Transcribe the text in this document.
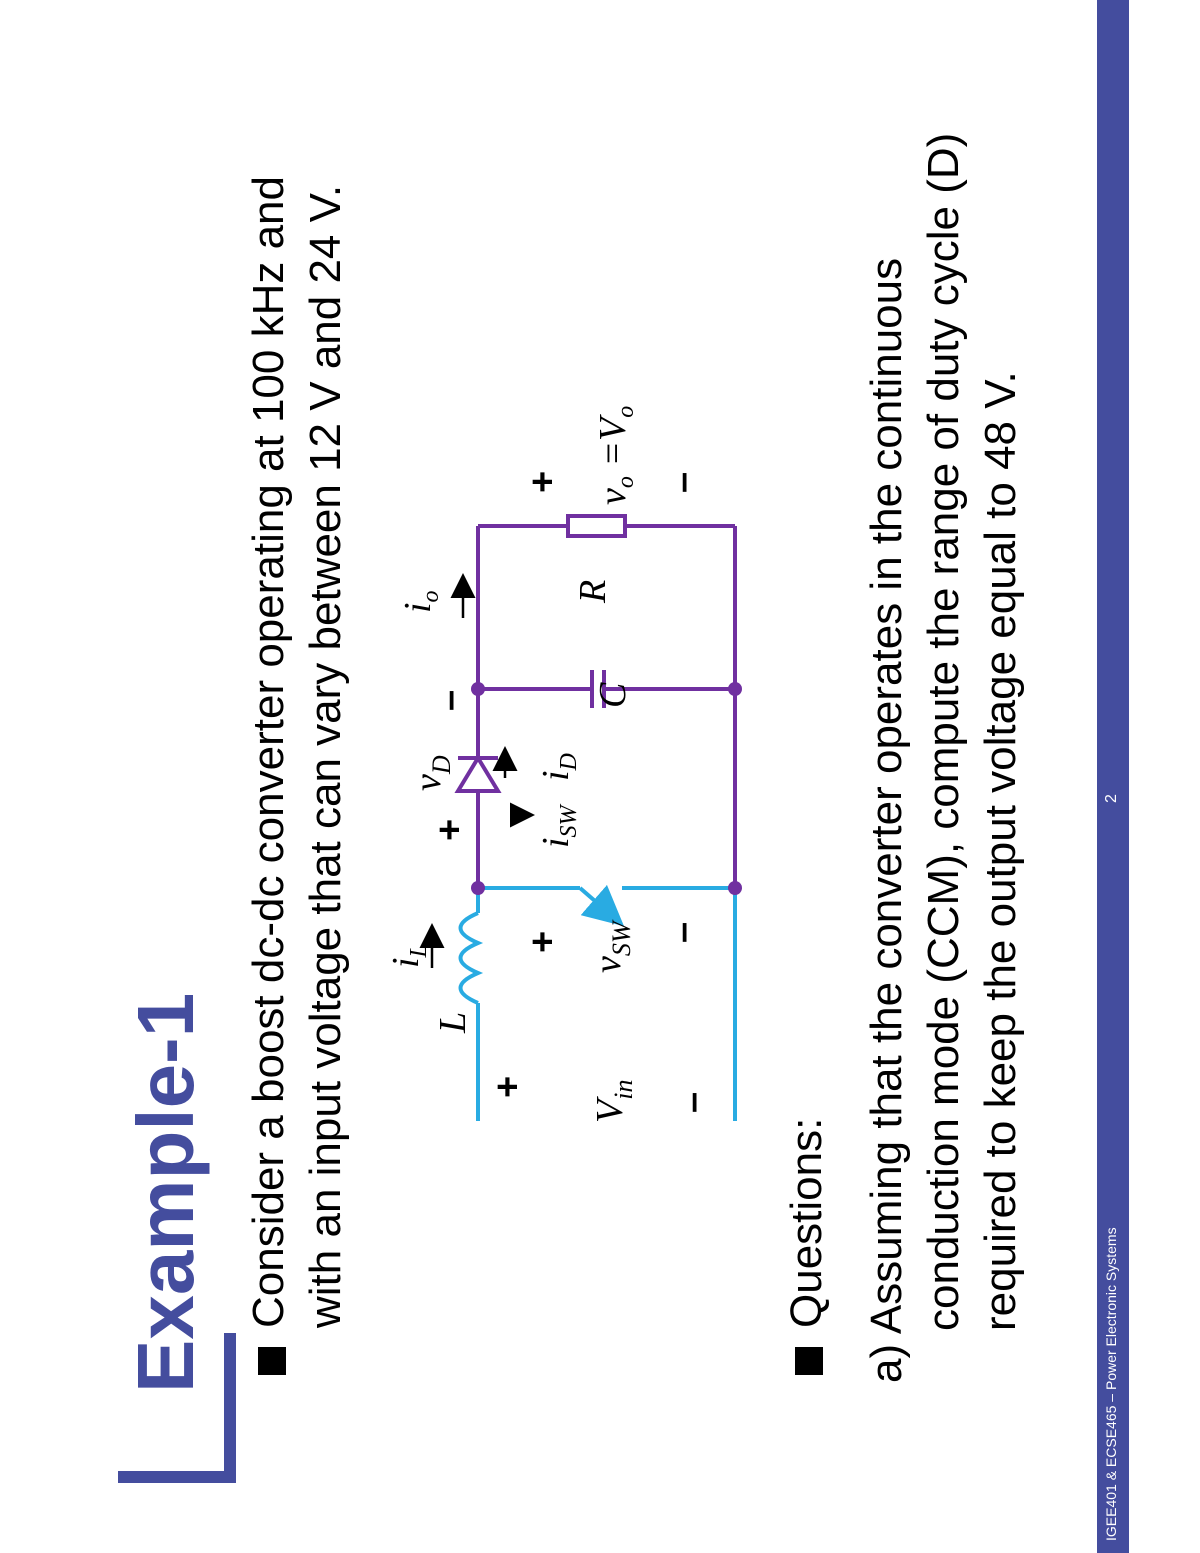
Example-1 Consider a boost dc-dc converter operating at 100 kHz and with an input voltage that can vary between 12 V and 24 V.	Questions: a) Assuming that the converter operates in the continuous conduction mode (CCM), compute the range of duty cycle (D) required to keep the output voltage equal to 48 V.

L
$i_L$
+
$V_{in}$
–
+
$v_{SW}$ –
$i_{SW}$
+
$v_D$
–
$i_D$
C
$i_o$	R
+
$v_o =V_o$
–
IGEE401 & ECSE465 – Power Electronic Systems
2
